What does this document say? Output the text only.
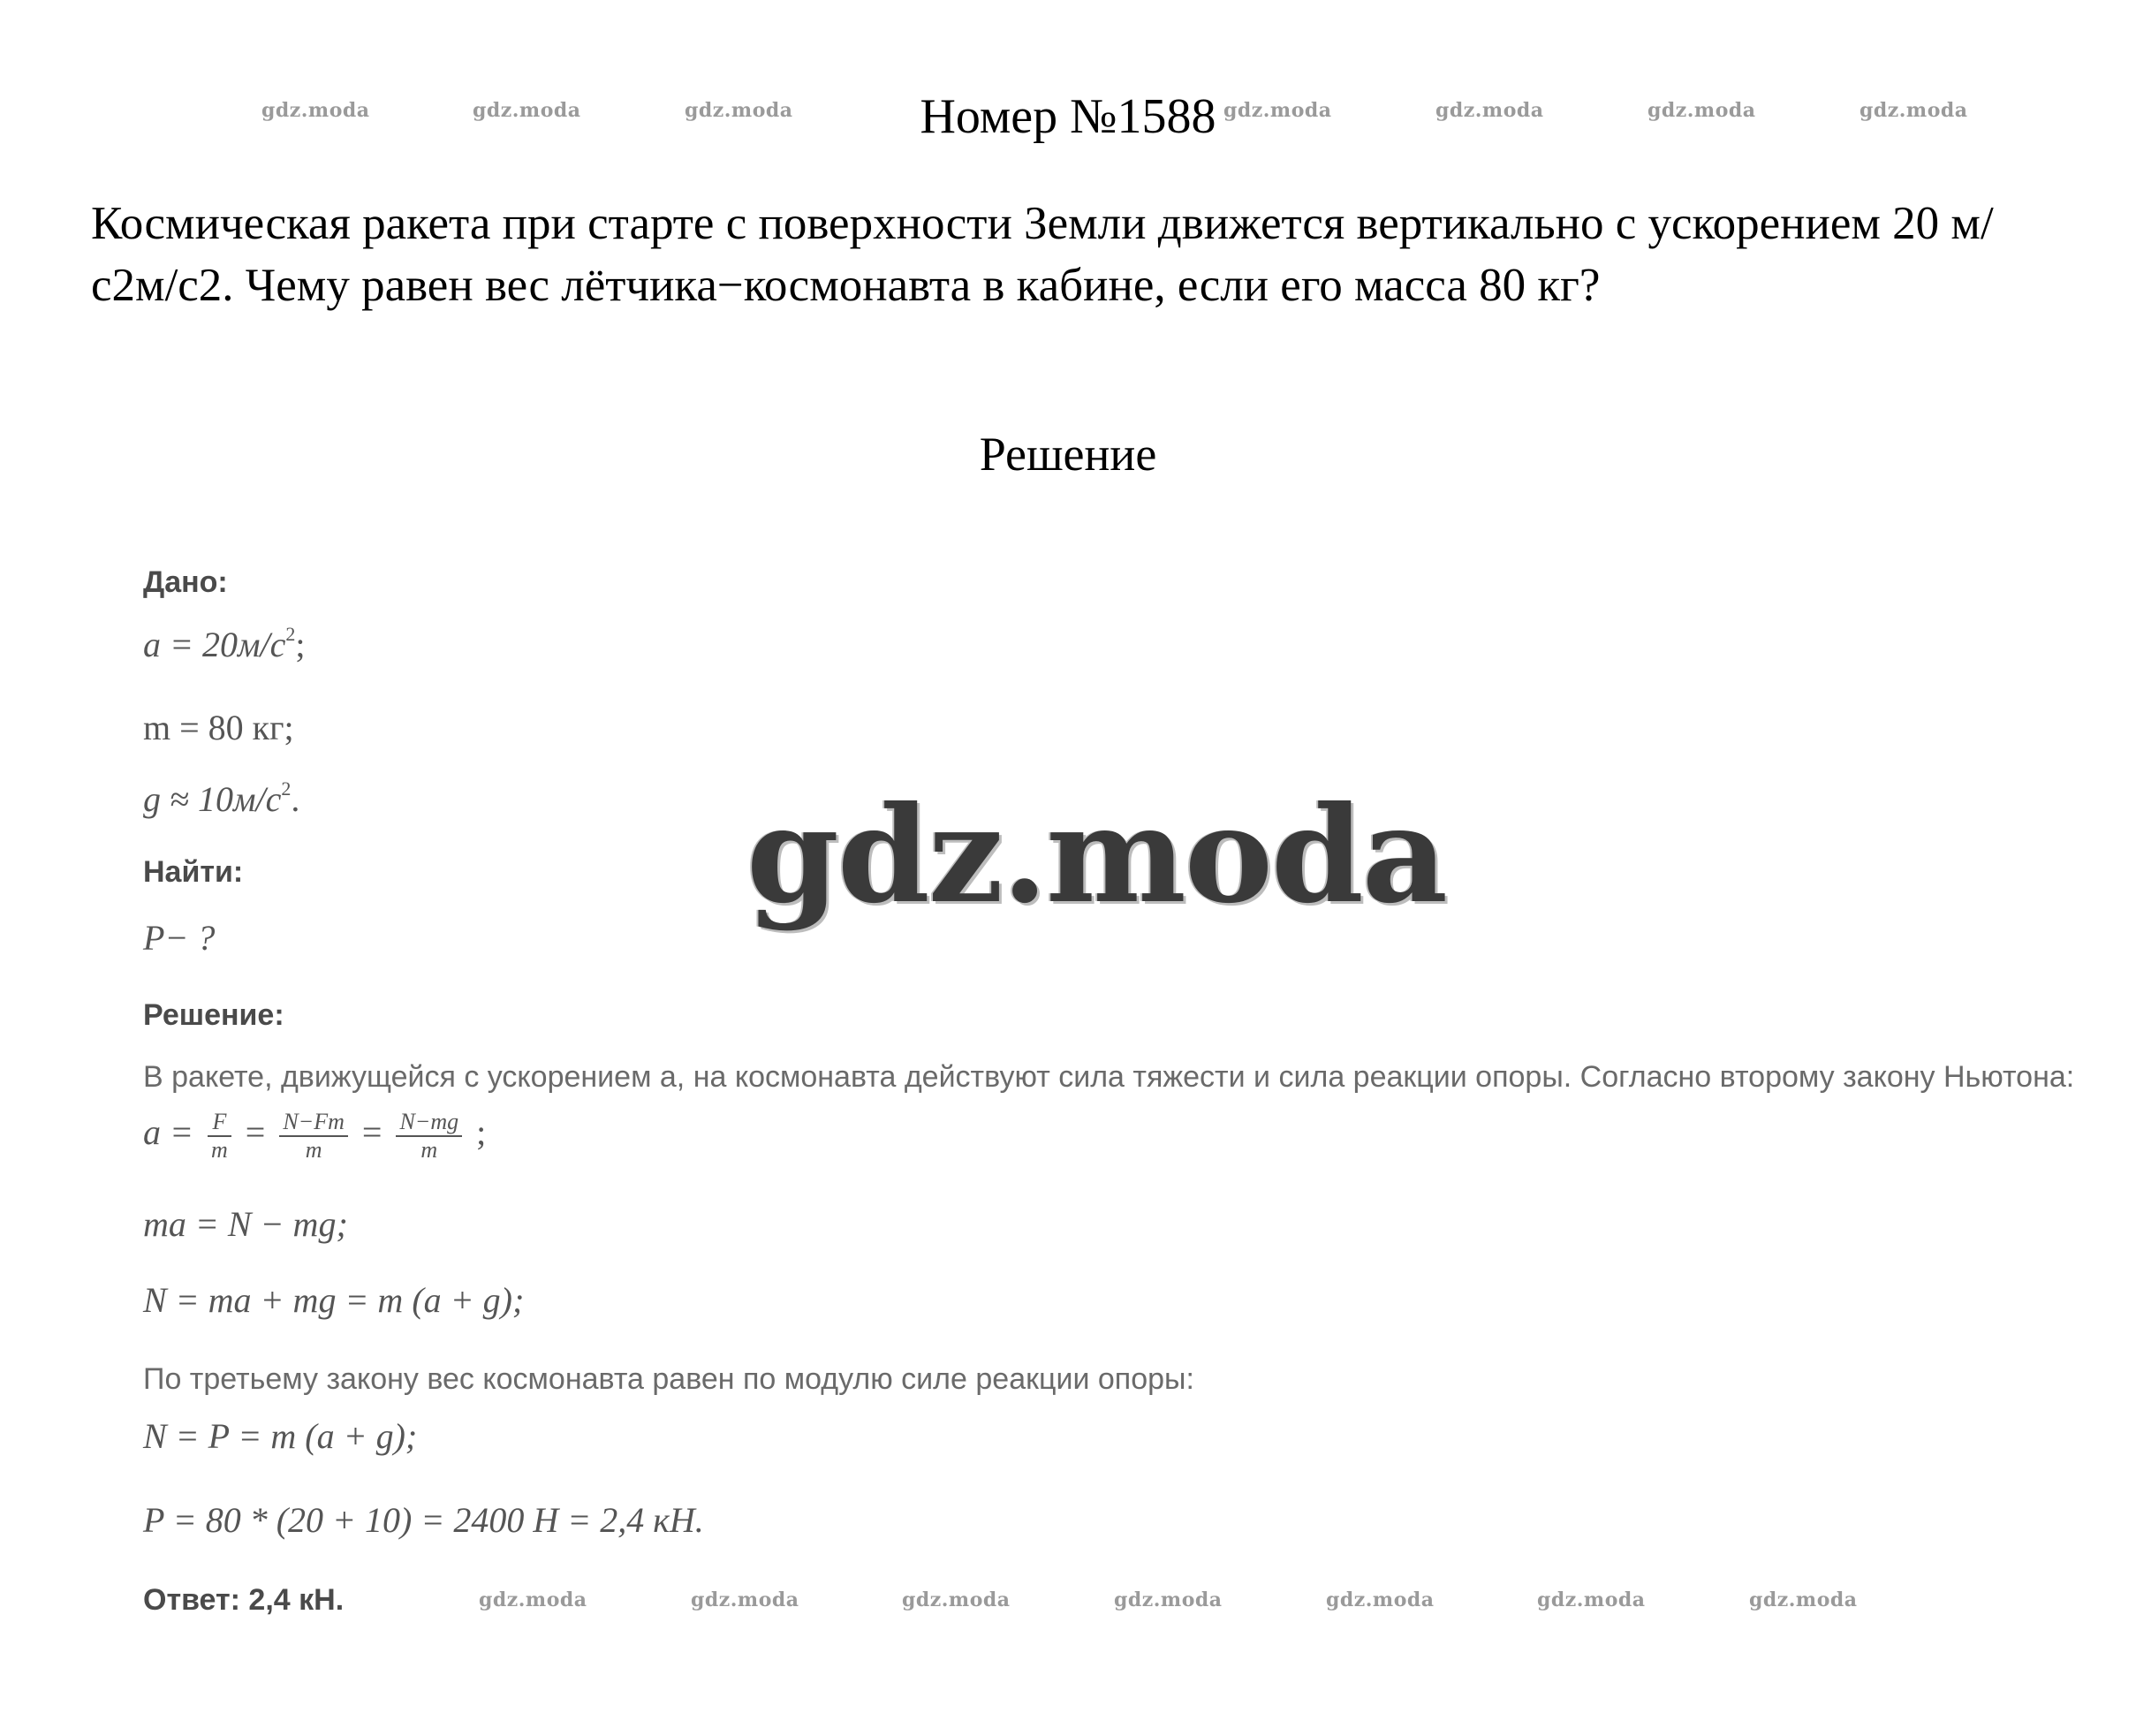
gdz.moda	gdz.moda	gdz.moda	Номер №1588 gdz.moda	gdz.moda	gdz.moda	gdz.moda
Космическая ракета при старте с поверхности Земли движется вертикально с ускорением 20 м/с2м/с2. Чему равен вес лётчика−космонавта в кабине, если его масса 80 кг?
Решение
Дано:
$a = 20м/с^2$;
m = 80 кг;
$g \approx 10м/с^2$.
Найти:
P− ?
Решение:
В ракете, движущейся с ускорением а, на космонавта действуют сила тяжести и сила реакции опоры. Согласно второму закону Ньютона:
$a = \frac{F}{m} = \frac{N-Fт}{m} = \frac{N-mg}{m}$ ;
ma = N − mg;
N = ma + mg = m (a + g);
По третьему закону вес космонавта равен по модулю силе реакции опоры:
N = P = m (a + g);
P = 80 * (20 + 10) = 2400 Н = 2,4 кН.
Ответ: 2,4 кН.	gdz.moda	gdz.moda	gdz.moda	gdz.moda	gdz.moda	gdz.moda	gdz.moda
gdz.moda
